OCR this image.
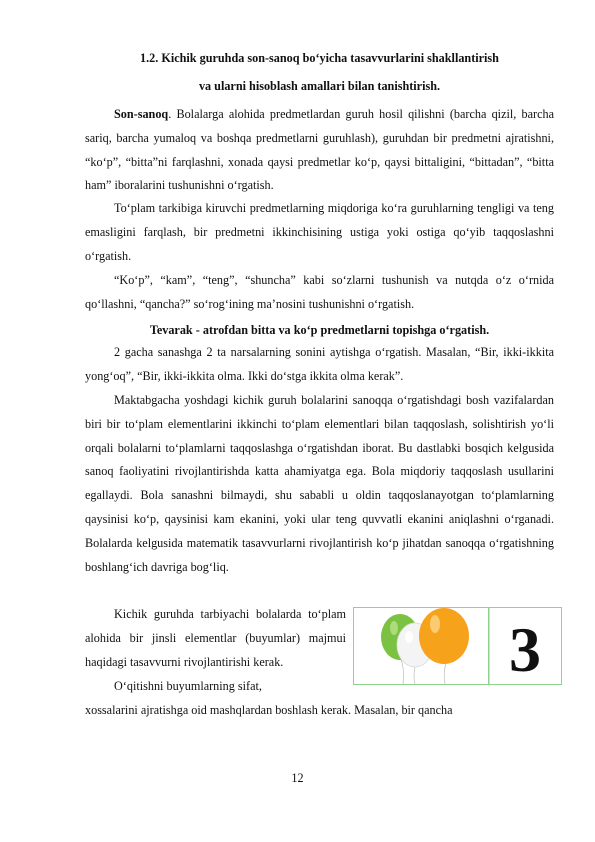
1.2. Kichik guruhda son-sanoq bo‘yicha tasavvurlarini shakllantirish
va ularni hisoblash amallari bilan tanishtirish.

Son-sanoq. Bolalarga alohida predmetlardan guruh hosil qilishni (barcha qizil, barcha sariq, barcha yumaloq va boshqa predmetlarni guruhlash), guruhdan bir predmetni ajratishni, “ko‘p”, “bitta”ni farqlashni, xonada qaysi predmetlar ko‘p, qaysi bittaligini, “bittadan”, “bitta ham” iboralarini tushunishni o‘rgatish.

To‘plam tarkibiga kiruvchi predmetlarning miqdoriga ko‘ra guruhlarning tengligi va teng emasligini farqlash, bir predmetni ikkinchisining ustiga yoki ostiga qo‘yib taqqoslashni o‘rgatish.

“Ko‘p”, “kam”, “teng”, “shuncha” kabi so‘zlarni tushunish va nutqda o‘z o‘rnida qo‘llashni, “qancha?” so‘rog‘ining ma’nosini tushunishni o‘rgatish.

Tevarak - atrofdan bitta va ko‘p predmetlarni topishga o‘rgatish.

2 gacha sanashga 2 ta narsalarning sonini aytishga o‘rgatish. Masalan, “Bir, ikki-ikkita yong‘oq”, “Bir, ikki-ikkita olma. Ikki do‘stga ikkita olma kerak”.

Maktabgacha yoshdagi kichik guruh bolalarini sanoqqa o‘rgatishdagi bosh vazifalardan biri bir to‘plam elementlarini ikkinchi to‘plam elementlari bilan taqqoslash, solishtirish yo‘li orqali bolalarni to‘plamlarni taqqoslashga o‘rgatishdan iborat. Bu dastlabki bosqich kelgusida sanoq faoliyatini rivojlantirishda katta ahamiyatga ega. Bola miqdoriy taqqoslash usullarini egallaydi. Bola sanashni bilmaydi, shu sababli u oldin taqqoslanayotgan to‘plamlarning qaysinisi ko‘p, qaysinisi kam ekanini, yoki ular teng quvvatli ekanini aniqlashni o‘rganadi. Bolalarda kelgusida matematik tasavvurlarni rivojlantirish ko‘p jihatdan sanoqqa o‘rgatishning boshlang‘ich davriga bog‘liq.

Kichik guruhda tarbiyachi bolalarda to‘plam alohida bir jinsli elementlar (buyumlar) majmui haqidagi tasavvurni rivojlantirishi kerak.

O‘qitishni buyumlarning sifat,

xossalarini ajratishga oid mashqlardan boshlash kerak. Masalan, bir qancha
3
12
